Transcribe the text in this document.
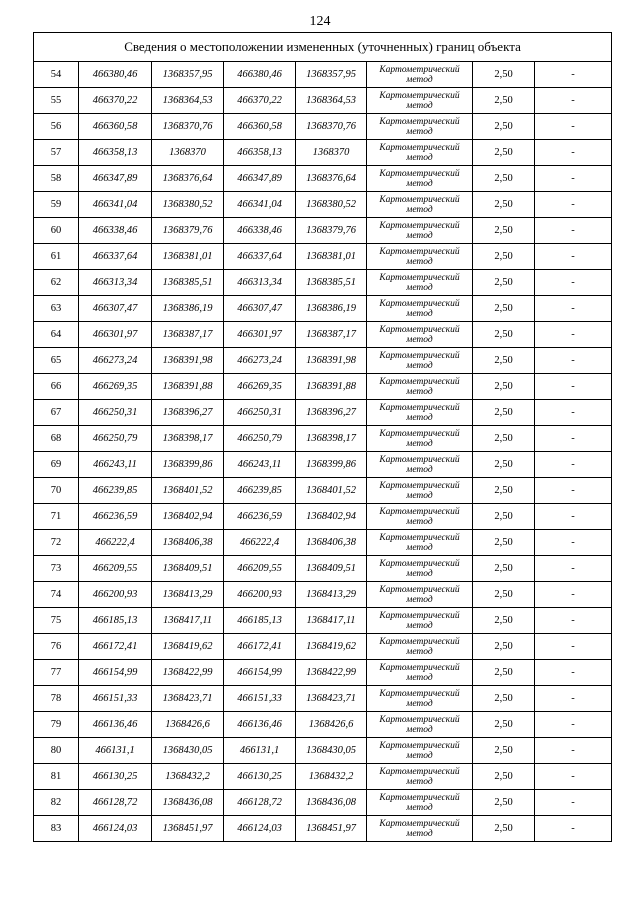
124
Сведения о местоположении измененных (уточненных) границ объекта							
54	466380,46	1368357,95	466380,46	1368357,95	Картометрический метод	2,50	-
55	466370,22	1368364,53	466370,22	1368364,53	Картометрический метод	2,50	-
56	466360,58	1368370,76	466360,58	1368370,76	Картометрический метод	2,50	-
57	466358,13	1368370	466358,13	1368370	Картометрический метод	2,50	-
58	466347,89	1368376,64	466347,89	1368376,64	Картометрический метод	2,50	-
59	466341,04	1368380,52	466341,04	1368380,52	Картометрический метод	2,50	-
60	466338,46	1368379,76	466338,46	1368379,76	Картометрический метод	2,50	-
61	466337,64	1368381,01	466337,64	1368381,01	Картометрический метод	2,50	-
62	466313,34	1368385,51	466313,34	1368385,51	Картометрический метод	2,50	-
63	466307,47	1368386,19	466307,47	1368386,19	Картометрический метод	2,50	-
64	466301,97	1368387,17	466301,97	1368387,17	Картометрический метод	2,50	-
65	466273,24	1368391,98	466273,24	1368391,98	Картометрический метод	2,50	-
66	466269,35	1368391,88	466269,35	1368391,88	Картометрический метод	2,50	-
67	466250,31	1368396,27	466250,31	1368396,27	Картометрический метод	2,50	-
68	466250,79	1368398,17	466250,79	1368398,17	Картометрический метод	2,50	-
69	466243,11	1368399,86	466243,11	1368399,86	Картометрический метод	2,50	-
70	466239,85	1368401,52	466239,85	1368401,52	Картометрический метод	2,50	-
71	466236,59	1368402,94	466236,59	1368402,94	Картометрический метод	2,50	-
72	466222,4	1368406,38	466222,4	1368406,38	Картометрический метод	2,50	-
73	466209,55	1368409,51	466209,55	1368409,51	Картометрический метод	2,50	-
74	466200,93	1368413,29	466200,93	1368413,29	Картометрический метод	2,50	-
75	466185,13	1368417,11	466185,13	1368417,11	Картометрический метод	2,50	-
76	466172,41	1368419,62	466172,41	1368419,62	Картометрический метод	2,50	-
77	466154,99	1368422,99	466154,99	1368422,99	Картометрический метод	2,50	-
78	466151,33	1368423,71	466151,33	1368423,71	Картометрический метод	2,50	-
79	466136,46	1368426,6	466136,46	1368426,6	Картометрический метод	2,50	-
80	466131,1	1368430,05	466131,1	1368430,05	Картометрический метод	2,50	-
81	466130,25	1368432,2	466130,25	1368432,2	Картометрический метод	2,50	-
82	466128,72	1368436,08	466128,72	1368436,08	Картометрический метод	2,50	-
83	466124,03	1368451,97	466124,03	1368451,97	Картометрический метод	2,50	-
